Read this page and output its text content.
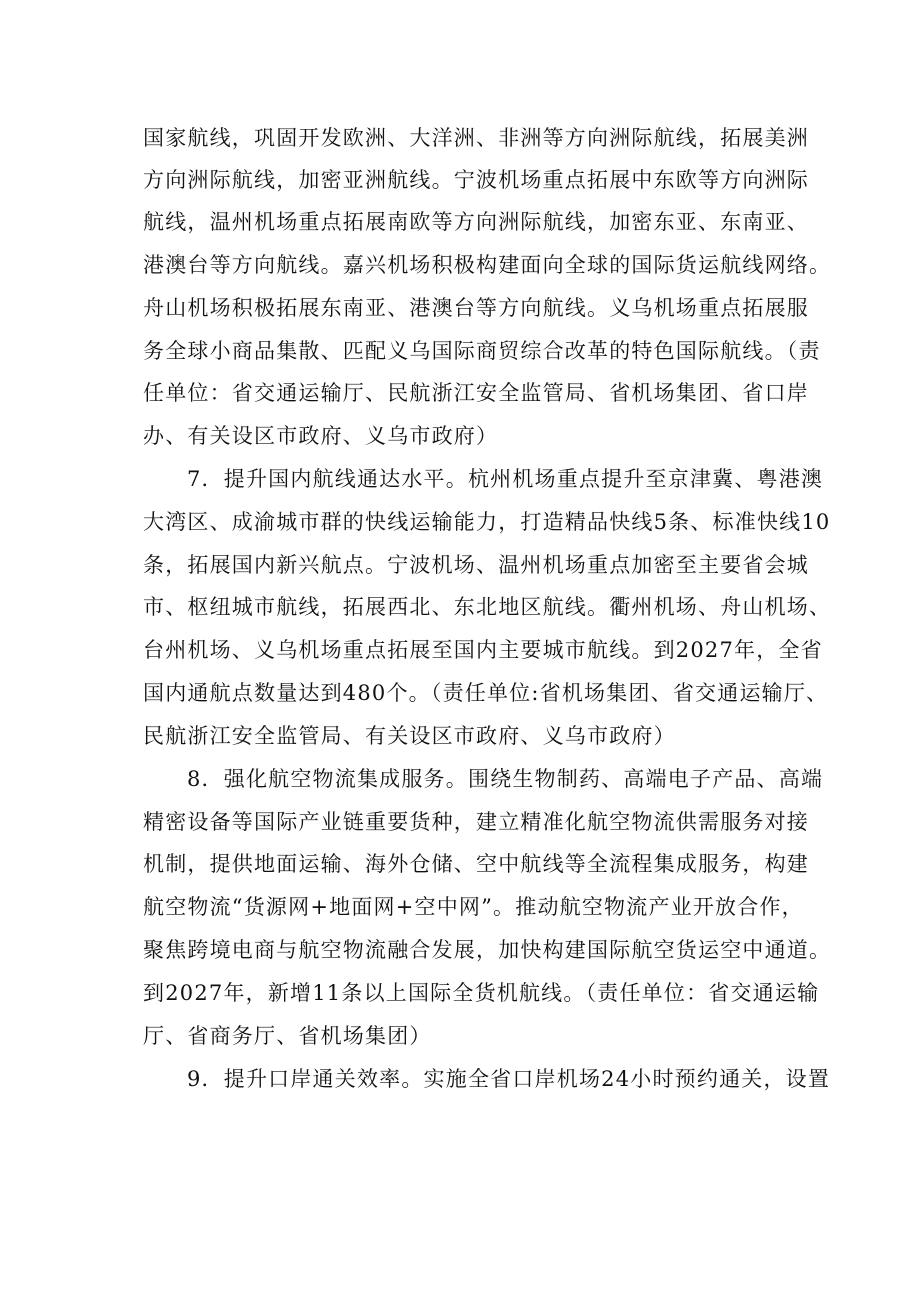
国家航线，巩固开发欧洲、大洋洲、非洲等方向洲际航线，拓展美洲
方向洲际航线，加密亚洲航线。宁波机场重点拓展中东欧等方向洲际
航线，温州机场重点拓展南欧等方向洲际航线，加密东亚、东南亚、
港澳台等方向航线。嘉兴机场积极构建面向全球的国际货运航线网络。
舟山机场积极拓展东南亚、港澳台等方向航线。义乌机场重点拓展服
务全球小商品集散、匹配义乌国际商贸综合改革的特色国际航线。（责
任单位：省交通运输厅、民航浙江安全监管局、省机场集团、省口岸
办、有关设区市政府、义乌市政府）
7．提升国内航线通达水平。杭州机场重点提升至京津冀、粤港澳
大湾区、成渝城市群的快线运输能力，打造精品快线5条、标准快线10
条，拓展国内新兴航点。宁波机场、温州机场重点加密至主要省会城
市、枢纽城市航线，拓展西北、东北地区航线。衢州机场、舟山机场、
台州机场、义乌机场重点拓展至国内主要城市航线。到2027年，全省
国内通航点数量达到480个。（责任单位:省机场集团、省交通运输厅、
民航浙江安全监管局、有关设区市政府、义乌市政府）
8．强化航空物流集成服务。围绕生物制药、高端电子产品、高端
精密设备等国际产业链重要货种，建立精准化航空物流供需服务对接
机制，提供地面运输、海外仓储、空中航线等全流程集成服务，构建
航空物流“货源网+地面网+空中网”。推动航空物流产业开放合作，
聚焦跨境电商与航空物流融合发展，加快构建国际航空货运空中通道。
到2027年，新增11条以上国际全货机航线。（责任单位：省交通运输
厅、省商务厅、省机场集团）
9．提升口岸通关效率。实施全省口岸机场24小时预约通关，设置
